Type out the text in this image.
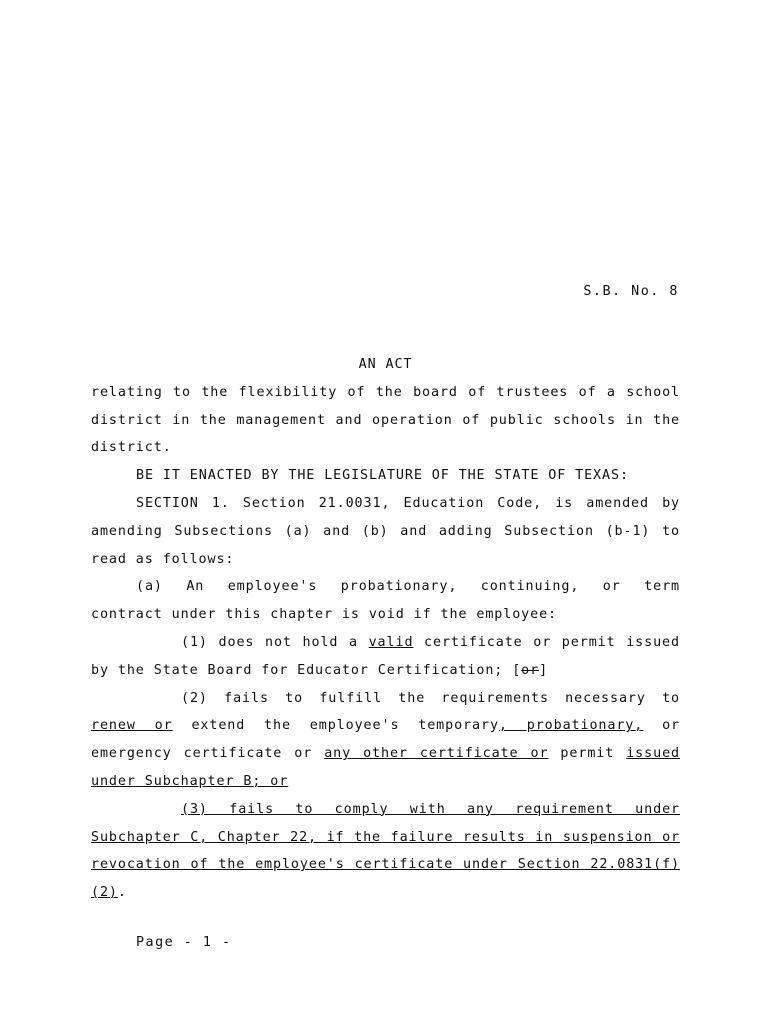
S.B. No. 8
AN ACT
relating to the flexibility of the board of trustees of a school
district in the management and operation of public schools in the
district.
BE IT ENACTED BY THE LEGISLATURE OF THE STATE OF TEXAS:
SECTION 1. Section 21.0031, Education Code, is amended by
amending Subsections (a) and (b) and adding Subsection (b-1) to
read as follows:
(a) An employee's probationary, continuing, or term
contract under this chapter is void if the employee:
(1) does not hold a valid certificate or permit issued
by the State Board for Educator Certification; [or]
(2) fails to fulfill the requirements necessary to
renew or extend the employee's temporary, probationary, or
emergency certificate or any other certificate or permit issued
under Subchapter B; or
(3) fails to comply with any requirement under
Subchapter C, Chapter 22, if the failure results in suspension or
revocation of the employee's certificate under Section 22.0831(f)
(2).
Page - 1 -
